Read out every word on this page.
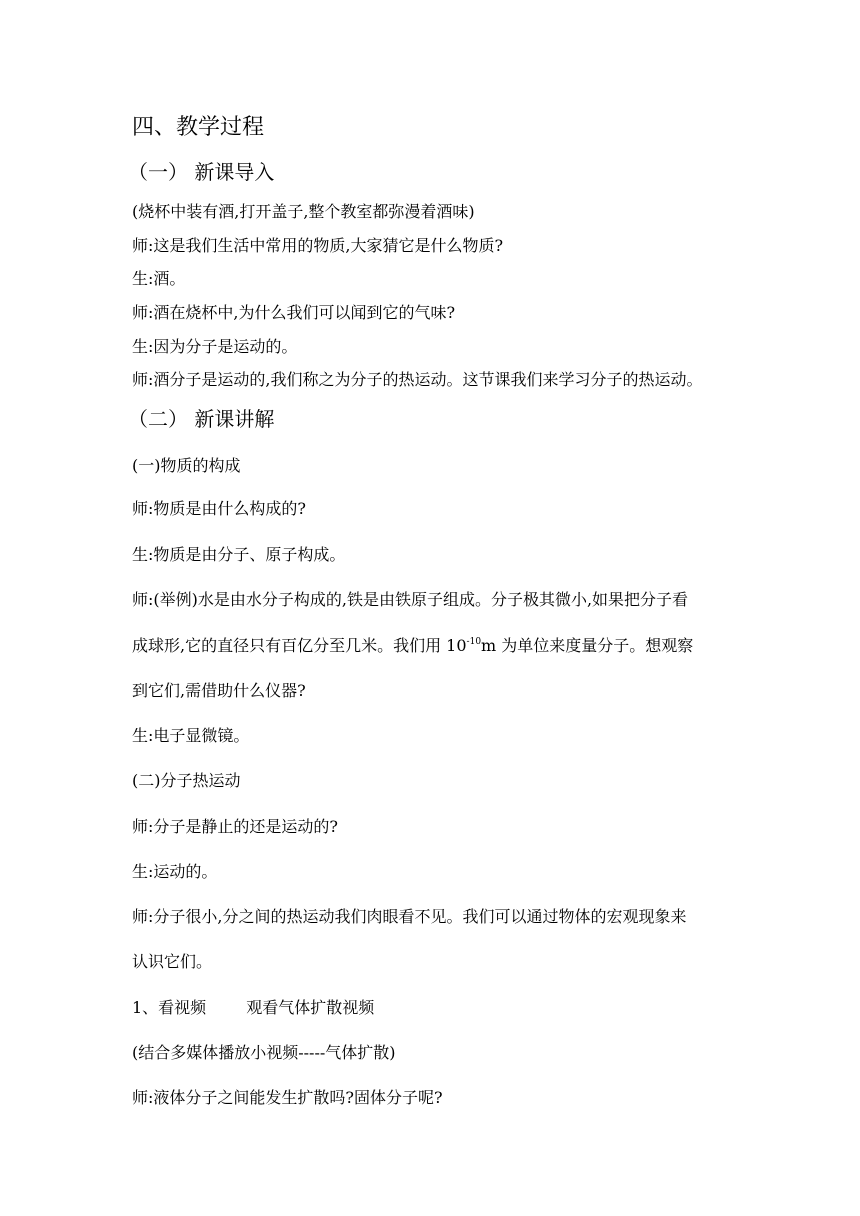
四、教学过程
（一） 新课导入
(烧杯中装有酒,打开盖子,整个教室都弥漫着酒味)
师:这是我们生活中常用的物质,大家猜它是什么物质?
生:酒。
师:酒在烧杯中,为什么我们可以闻到它的气味?
生:因为分子是运动的。
师:酒分子是运动的,我们称之为分子的热运动。这节课我们来学习分子的热运动。
（二） 新课讲解
(一)物质的构成
师:物质是由什么构成的?
生:物质是由分子、原子构成。
师:(举例)水是由水分子构成的,铁是由铁原子组成。分子极其微小,如果把分子看
成球形,它的直径只有百亿分至几米。我们用 $10^{-10}m$ 为单位来度量分子。想观察
到它们,需借助什么仪器?
生:电子显微镜。
(二)分子热运动
师:分子是静止的还是运动的?
生:运动的。
师:分子很小,分之间的热运动我们肉眼看不见。我们可以通过物体的宏观现象来
认识它们。
1、看视频	观看气体扩散视频
(结合多媒体播放小视频-----气体扩散)
师:液体分子之间能发生扩散吗?固体分子呢?
